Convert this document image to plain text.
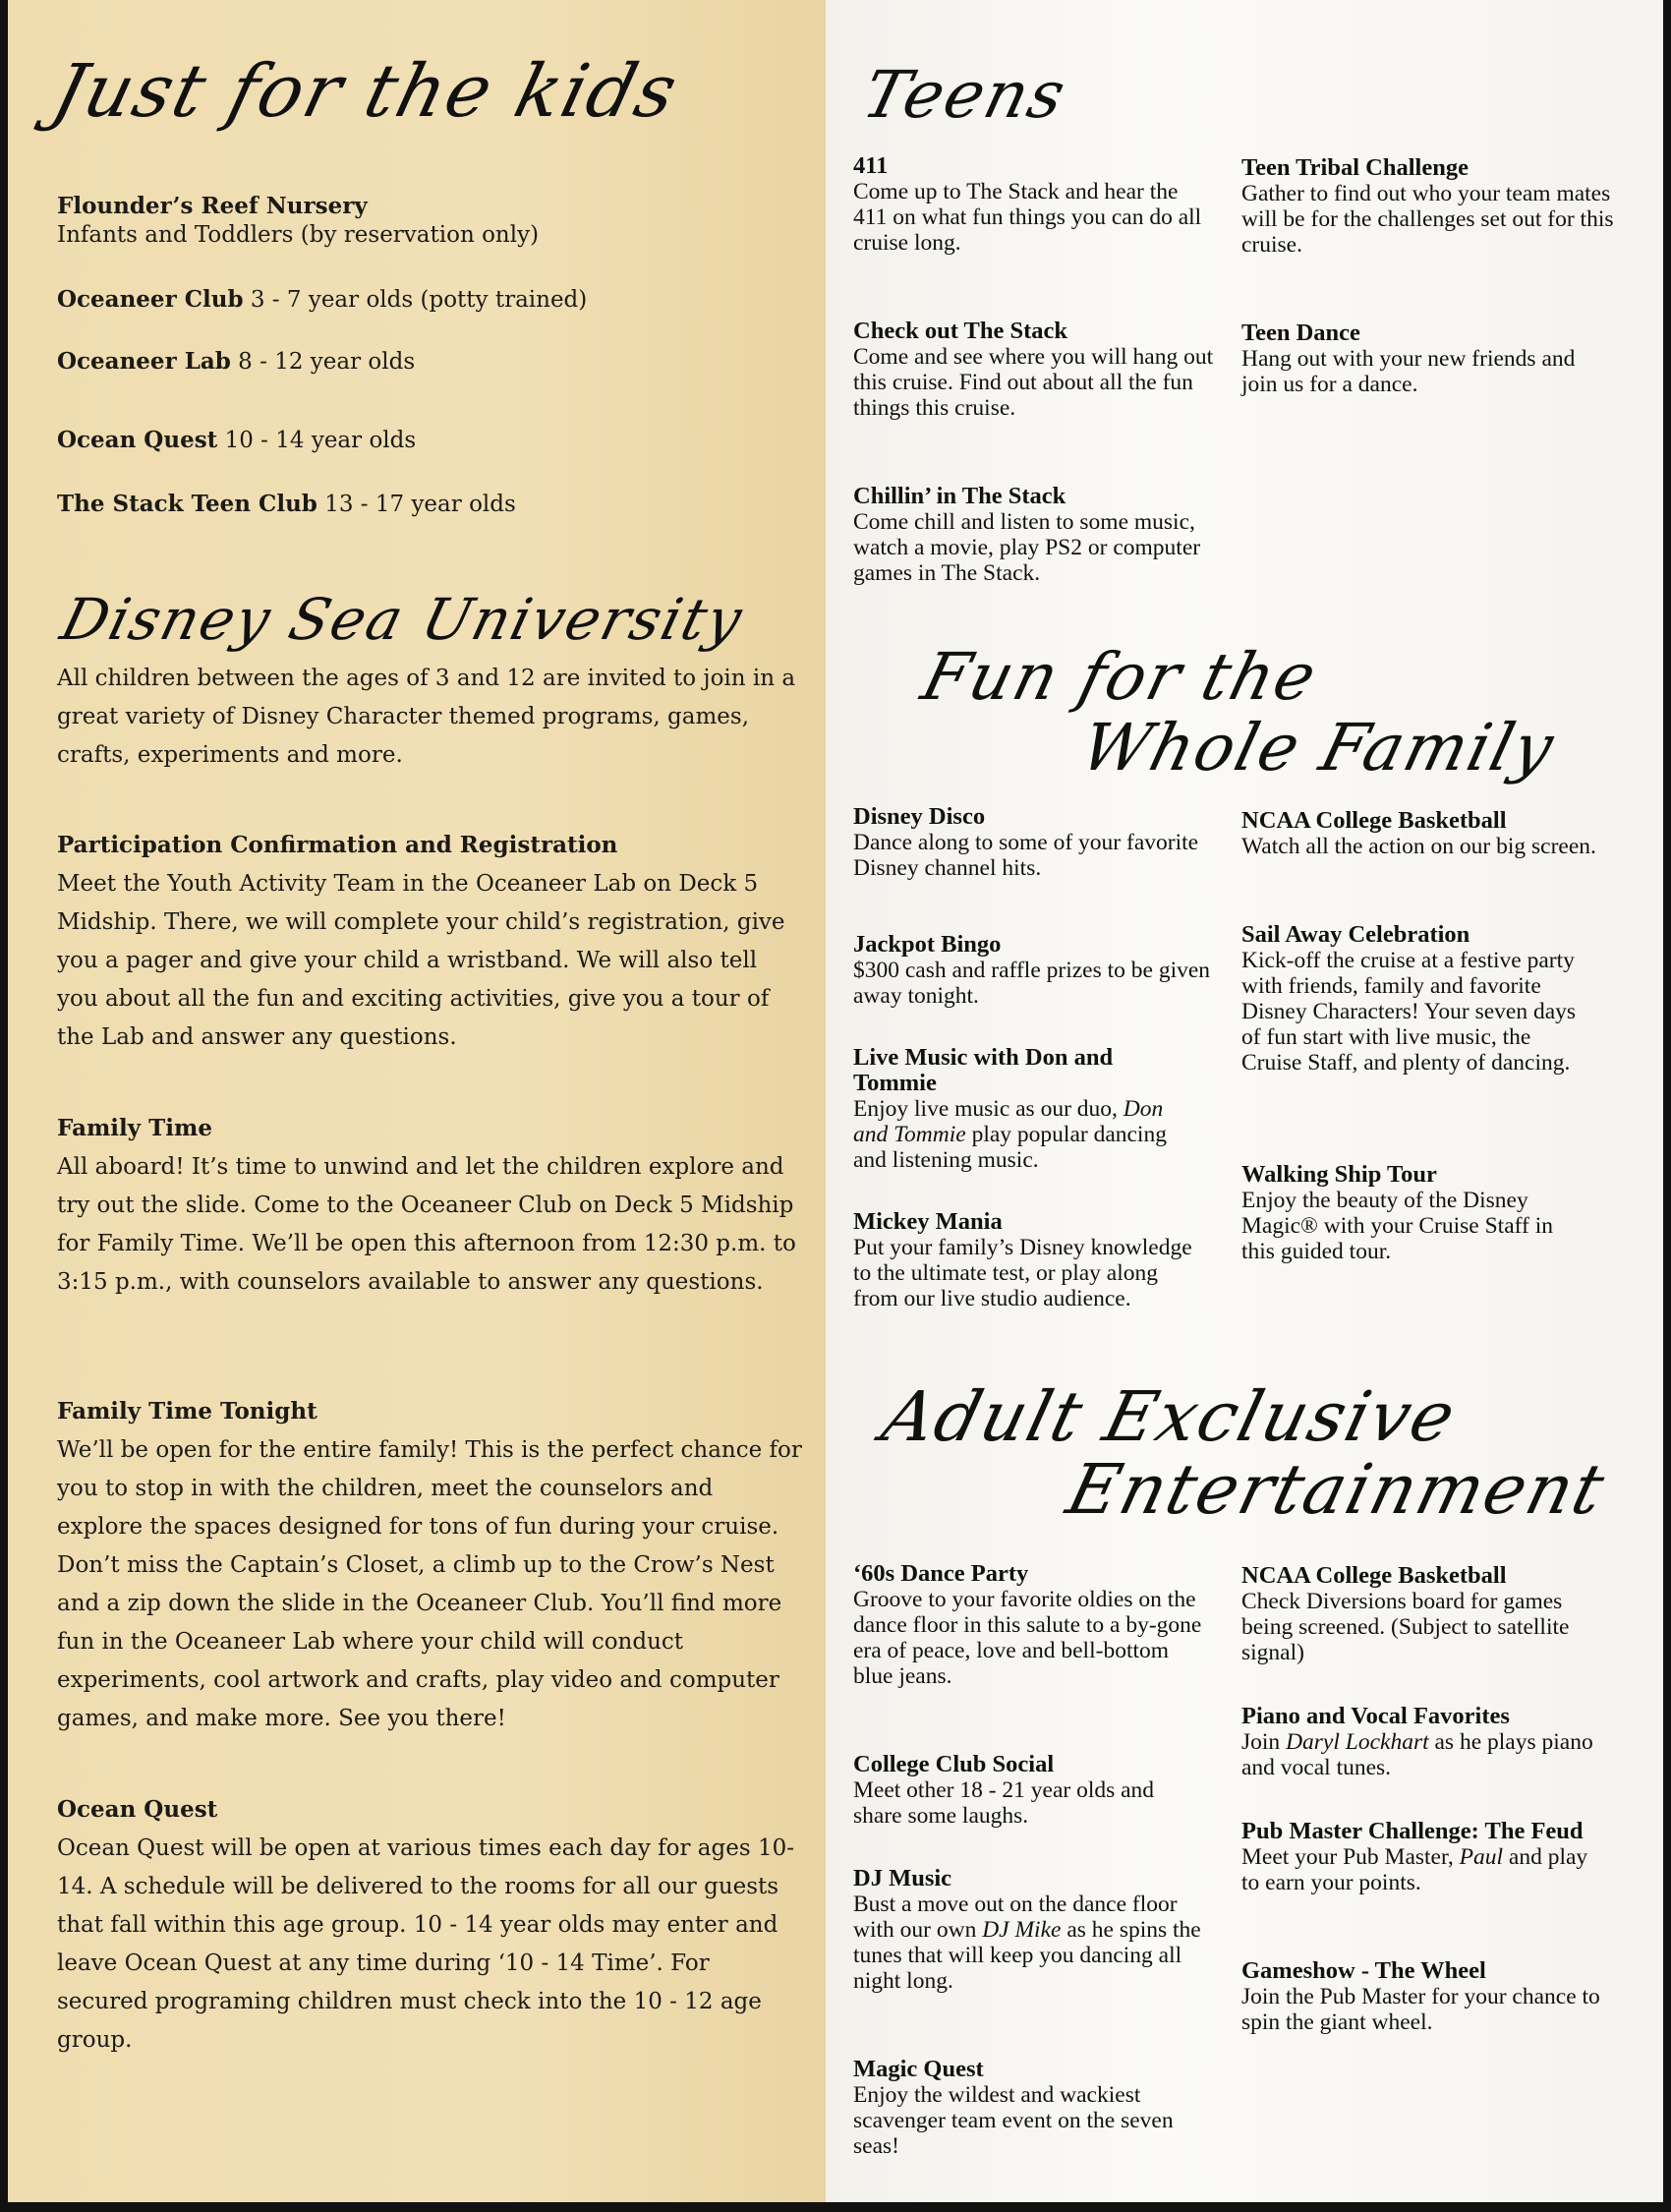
Just for the kids
Flounder’s Reef Nursery
Infants and Toddlers (by reservation only)
Oceaneer Club 3 - 7 year olds (potty trained)
Oceaneer Lab 8 - 12 year olds
Ocean Quest 10 - 14 year olds
The Stack Teen Club 13 - 17 year olds
Disney Sea University
All children between the ages of 3 and 12 are invited to join in a great variety of Disney Character themed programs, games, crafts, experiments and more.
Participation Confirmation and Registration
Meet the Youth Activity Team in the Oceaneer Lab on Deck 5 Midship. There, we will complete your child’s registration, give you a pager and give your child a wristband. We will also tell you about all the fun and exciting activities, give you a tour of the Lab and answer any questions.
Family Time
All aboard! It’s time to unwind and let the children explore and try out the slide. Come to the Oceaneer Club on Deck 5 Midship for Family Time. We’ll be open this afternoon from 12:30 p.m. to 3:15 p.m., with counselors available to answer any questions.
Family Time Tonight
We’ll be open for the entire family! This is the perfect chance for you to stop in with the children, meet the counselors and explore the spaces designed for tons of fun during your cruise. Don’t miss the Captain’s Closet, a climb up to the Crow’s Nest and a zip down the slide in the Oceaneer Club. You’ll find more fun in the Oceaneer Lab where your child will conduct experiments, cool artwork and crafts, play video and computer games, and make more. See you there!
Ocean Quest
Ocean Quest will be open at various times each day for ages 10-14. A schedule will be delivered to the rooms for all our guests that fall within this age group. 10 - 14 year olds may enter and leave Ocean Quest at any time during ‘10 - 14 Time’. For secured programing children must check into the 10 - 12 age group.
Teens
411
Come up to The Stack and hear the 411 on what fun things you can do all cruise long.
Check out The Stack
Come and see where you will hang out this cruise. Find out about all the fun things this cruise.
Chillin’ in The Stack
Come chill and listen to some music, watch a movie, play PS2 or computer games in The Stack.
Teen Tribal Challenge
Gather to find out who your team mates will be for the challenges set out for this cruise.
Teen Dance
Hang out with your new friends and join us for a dance.
Fun for the
Whole Family
Disney Disco
Dance along to some of your favorite Disney channel hits.
Jackpot Bingo
$300 cash and raffle prizes to be given away tonight.
Live Music with Don and Tommie
Enjoy live music as our duo, Don and Tommie play popular dancing and listening music.
Mickey Mania
Put your family’s Disney knowledge to the ultimate test, or play along from our live studio audience.
NCAA College Basketball
Watch all the action on our big screen.
Sail Away Celebration
Kick-off the cruise at a festive party with friends, family and favorite Disney Characters! Your seven days of fun start with live music, the Cruise Staff, and plenty of dancing.
Walking Ship Tour
Enjoy the beauty of the Disney Magic® with your Cruise Staff in this guided tour.
Adult Exclusive
Entertainment
‘60s Dance Party
Groove to your favorite oldies on the dance floor in this salute to a by-gone era of peace, love and bell-bottom blue jeans.
College Club Social
Meet other 18 - 21 year olds and share some laughs.
DJ Music
Bust a move out on the dance floor with our own DJ Mike as he spins the tunes that will keep you dancing all night long.
Magic Quest
Enjoy the wildest and wackiest scavenger team event on the seven seas!
NCAA College Basketball
Check Diversions board for games being screened. (Subject to satellite signal)
Piano and Vocal Favorites
Join Daryl Lockhart as he plays piano and vocal tunes.
Pub Master Challenge: The Feud
Meet your Pub Master, Paul and play to earn your points.
Gameshow - The Wheel
Join the Pub Master for your chance to spin the giant wheel.
